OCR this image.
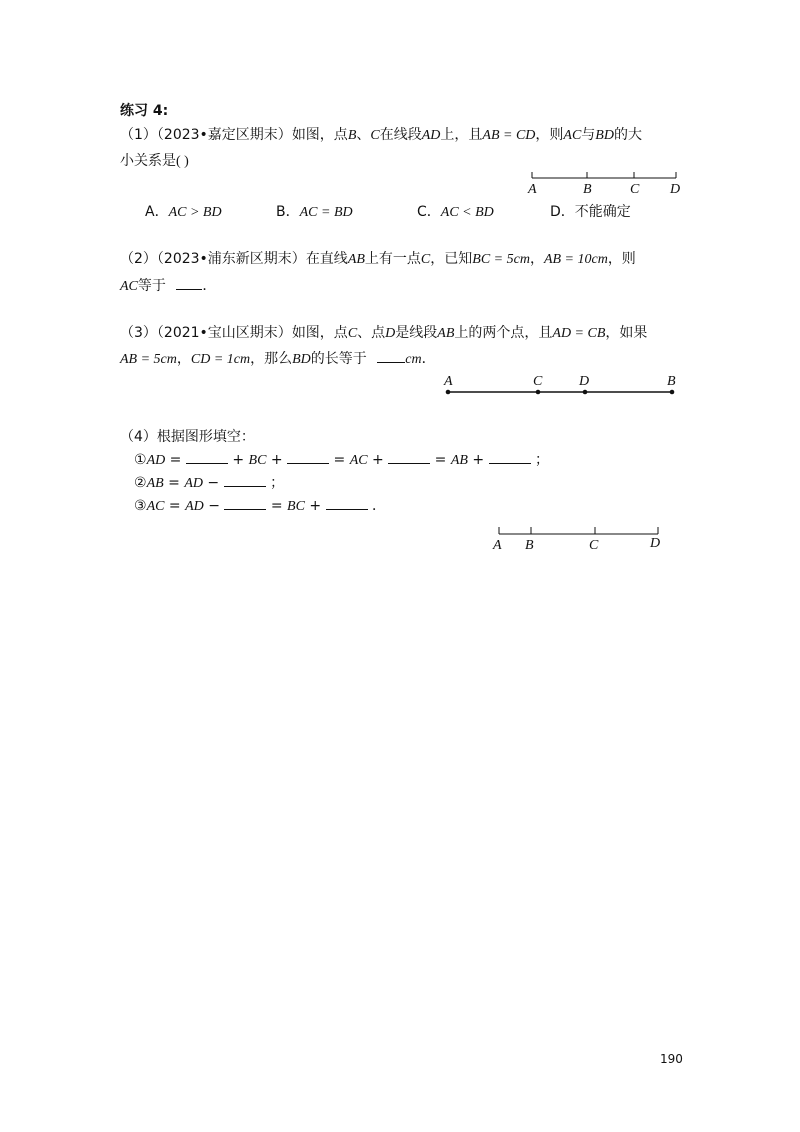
练习 4:
（1）（2023•嘉定区期末）如图，点B、C在线段AD上，且AB = CD，则AC与BD的大
小关系是( )
A	B	C D
A．AC > BD	B．AC = BD	C．AC < BD	D．不能确定
（2）（2023•浦东新区期末）在直线AB上有一点C，已知BC = 5cm，AB = 10cm，则
AC等于	．
（3）（2021•宝山区期末）如图，点C、点D是线段AB上的两个点，且AD = CB，如果
AB = 5cm，CD = 1cm，那么BD的长等于	cm．
A	C	D	B
（4）根据图形填空：
①AD =	+ BC +	= AC +	= AB +	；
②AB = AD −	；
③AC = AD −	= BC +	．
A B	C	D
190
